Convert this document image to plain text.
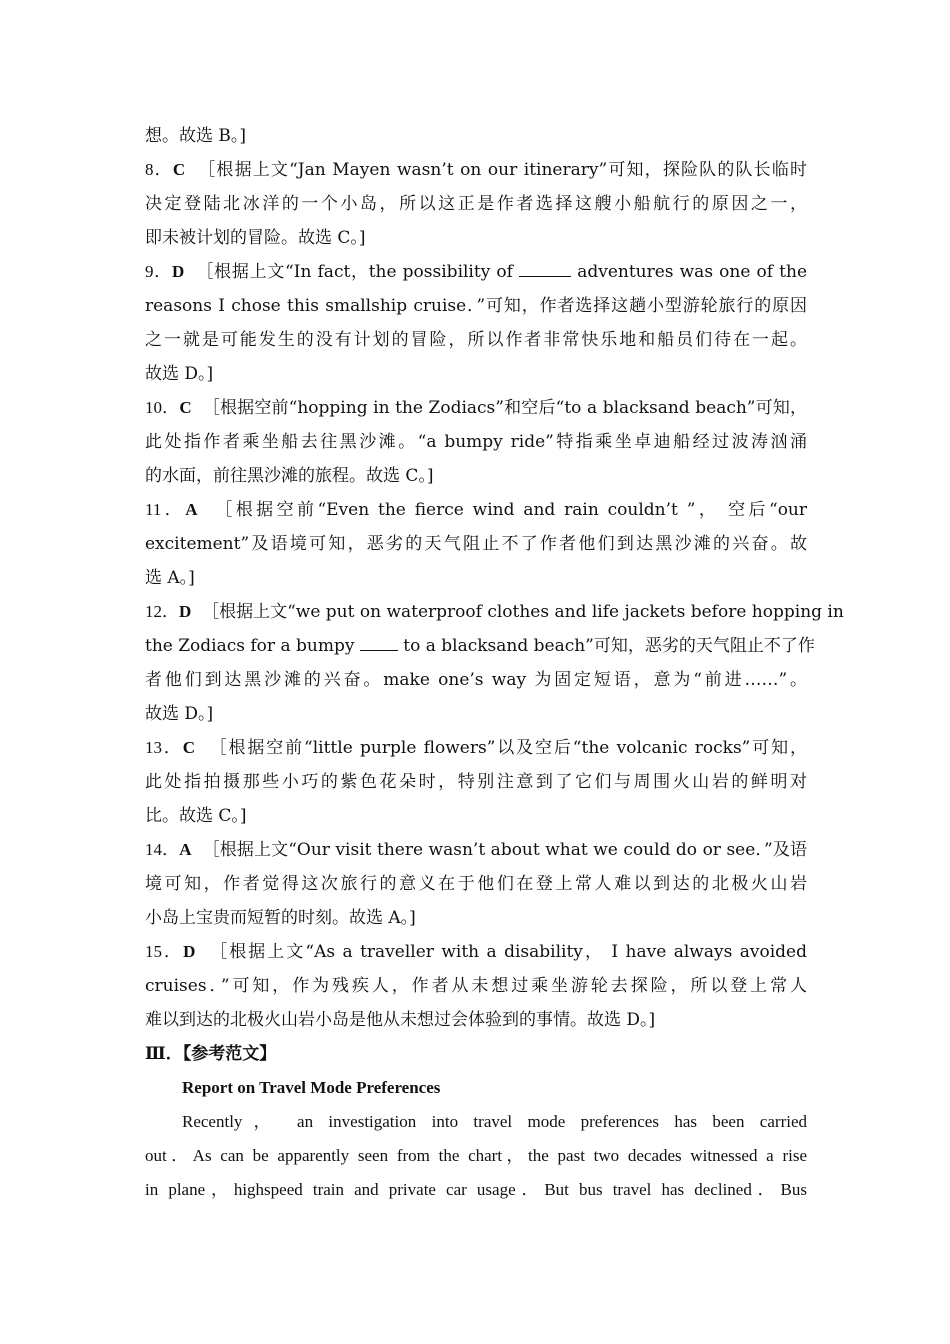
想。故选 B。]

8．C ［根据上文“Jan Mayen wasn’t on our itinerary”可知，探险队的队长临时

决定登陆北冰洋的一个小岛，所以这正是作者选择这艘小船航行的原因之一，

即未被计划的冒险。故选 C。]

9．D ［根据上文“In fact，the possibility of	adventures was one of the

reasons I chose this smallship cruise．”可知，作者选择这趟小型游轮旅行的原因

之一就是可能发生的没有计划的冒险，所以作者非常快乐地和船员们待在一起。

故选 D。]

10．C ［根据空前“hopping in the Zodiacs”和空后“to a blacksand beach”可知，

此处指作者乘坐船去往黑沙滩。“a bumpy ride”特指乘坐卓迪船经过波涛汹涌

的水面，前往黑沙滩的旅程。故选 C。]

11．A ［根据空前“Even the fierce wind and rain couldn’t ”， 空后“our

excitement”及语境可知，恶劣的天气阻止不了作者他们到达黑沙滩的兴奋。故

选 A。]

12．D ［根据上文“we put on waterproof clothes and life jackets before hopping in

the Zodiacs for a bumpy  to a blacksand beach”可知，恶劣的天气阻止不了作

者他们到达黑沙滩的兴奋。make one’s way 为固定短语，意为“前进……”。

故选 D。]

13．C ［根据空前“little purple flowers”以及空后“the volcanic rocks”可知，

此处指拍摄那些小巧的紫色花朵时，特别注意到了它们与周围火山岩的鲜明对

比。故选 C。]

14．A ［根据上文“Our visit there wasn’t about what we could do or see．”及语

境可知，作者觉得这次旅行的意义在于他们在登上常人难以到达的北极火山岩

小岛上宝贵而短暂的时刻。故选 A。]

15．D ［根据上文“As a traveller with a disability， I have always avoided

cruises．”可知，作为残疾人，作者从未想过乘坐游轮去探险，所以登上常人

难以到达的北极火山岩小岛是他从未想过会体验到的事情。故选 D。]

Ⅲ．【参考范文】

Report on Travel Mode Preferences

Recently， an investigation into travel mode preferences has been carried

out．As can be apparently seen from the chart，the past two decades witnessed a rise

in plane，highspeed train and private car usage．But bus travel has declined．Bus
